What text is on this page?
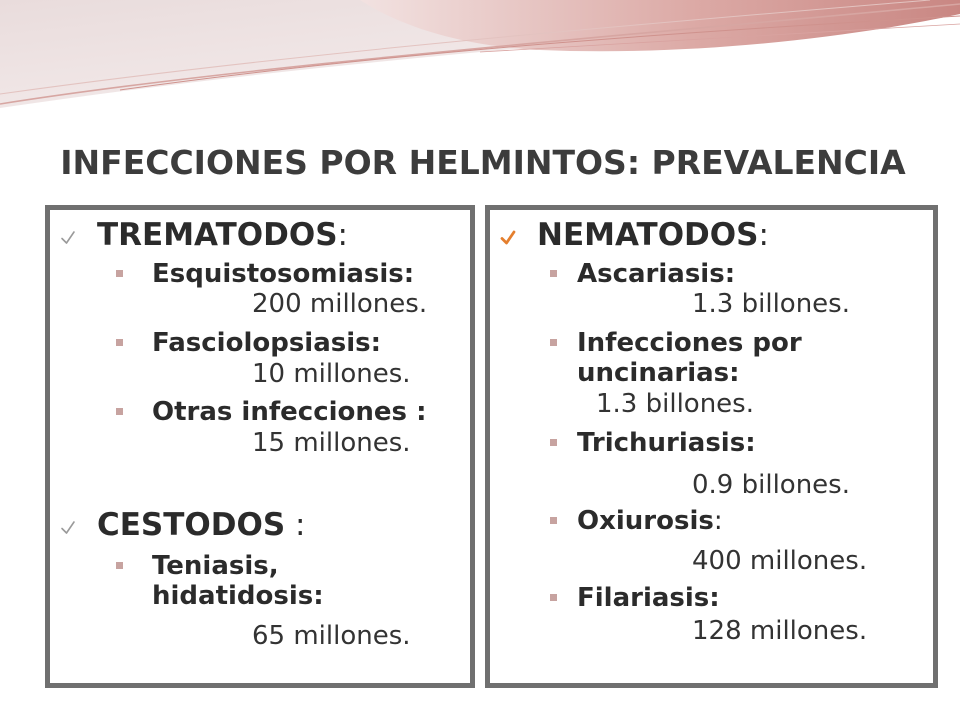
INFECCIONES POR HELMINTOS: PREVALENCIA
TREMATODOS:
Esquistosomiasis:
200 millones.
Fasciolopsiasis:
10 millones.
Otras infecciones :
15 millones.
CESTODOS :
Teniasis, hidatidosis:
65 millones.
NEMATODOS:
Ascariasis:
1.3 billones.
Infecciones por uncinarias:
1.3 billones.
Trichuriasis:
0.9 billones.
Oxiurosis:
400 millones.
Filariasis:
128 millones.
